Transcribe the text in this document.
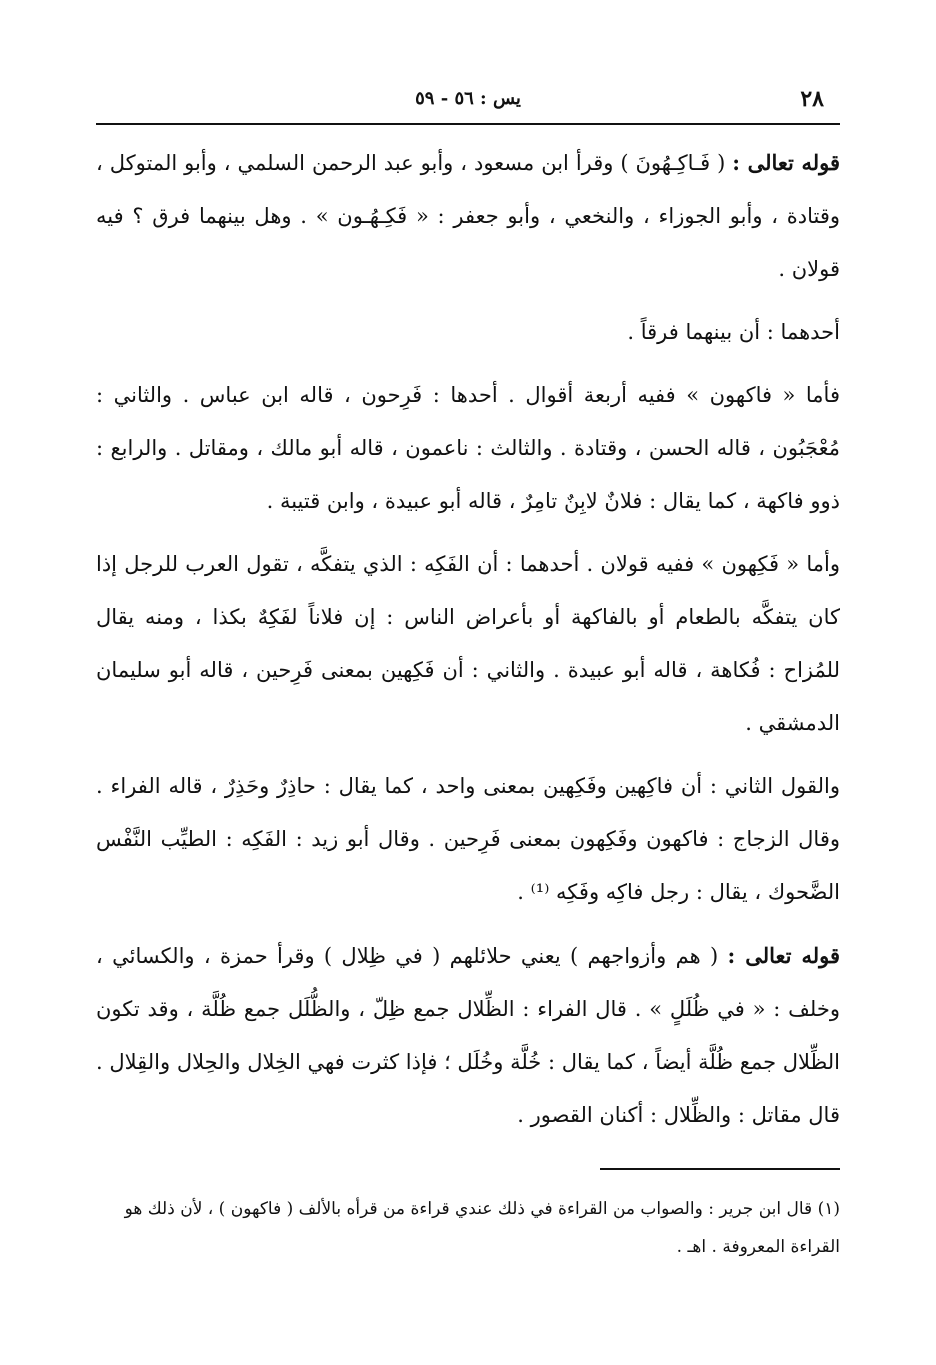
٢٨
يس : ٥٦ - ٥٩

قوله تعالى : ( فَـاكِـهُونَ ) وقرأ ابن مسعود ، وأبو عبد الرحمن السلمي ، وأبو المتوكل ، وقتادة ، وأبو الجوزاء ، والنخعي ، وأبو جعفر : « فَكِـهُـون » . وهل بينهما فرق ؟ فيه قولان .

أحدهما : أن بينهما فرقاً .

فأما « فاكهون » ففيه أربعة أقوال . أحدها : فَرِحون ، قاله ابن عباس . والثاني : مُعْجَبُون ، قاله الحسن ، وقتادة . والثالث : ناعمون ، قاله أبو مالك ، ومقاتل . والرابع : ذوو فاكهة ، كما يقال : فلانٌ لابِنٌ تامِرٌ ، قاله أبو عبيدة ، وابن قتيبة .

وأما « فَكِهون » ففيه قولان . أحدهما : أن الفَكِه : الذي يتفكَّه ، تقول العرب للرجل إذا كان يتفكَّه بالطعام أو بالفاكهة أو بأعراض الناس : إن فلاناً لفَكِهٌ بكذا ، ومنه يقال للمُزاح : فُكاهة ، قاله أبو عبيدة . والثاني : أن فَكِهين بمعنى فَرِحين ، قاله أبو سليمان الدمشقي .

والقول الثاني : أن فاكِهين وفَكِهين بمعنى واحد ، كما يقال : حاذِرٌ وحَذِرٌ ، قاله الفراء . وقال الزجاج : فاكهون وفَكِهون بمعنى فَرِحين . وقال أبو زيد : الفَكِه : الطيِّب النَّفْس الضَّحوك ، يقال : رجل فاكِه وفَكِه ⁽¹⁾ .

قوله تعالى : ( هم وأزواجهم ) يعني حلائلهم ( في ظِلال ) وقرأ حمزة ، والكسائي ، وخلف : « في ظُلَلٍ » . قال الفراء : الظِّلال جمع ظِلّ ، والظُّلَل جمع ظُلَّة ، وقد تكون الظِّلال جمع ظُلَّة أيضاً ، كما يقال : خُلَّة وخُلَل ؛ فإذا كثرت فهي الخِلال والحِلال والقِلال . قال مقاتل : والظِّلال : أكنان القصور .

(١) قال ابن جرير : والصواب من القراءة في ذلك عندي قراءة من قرأه بالألف ( فاكهون ) ، لأن ذلك هو القراءة المعروفة . اهـ .
